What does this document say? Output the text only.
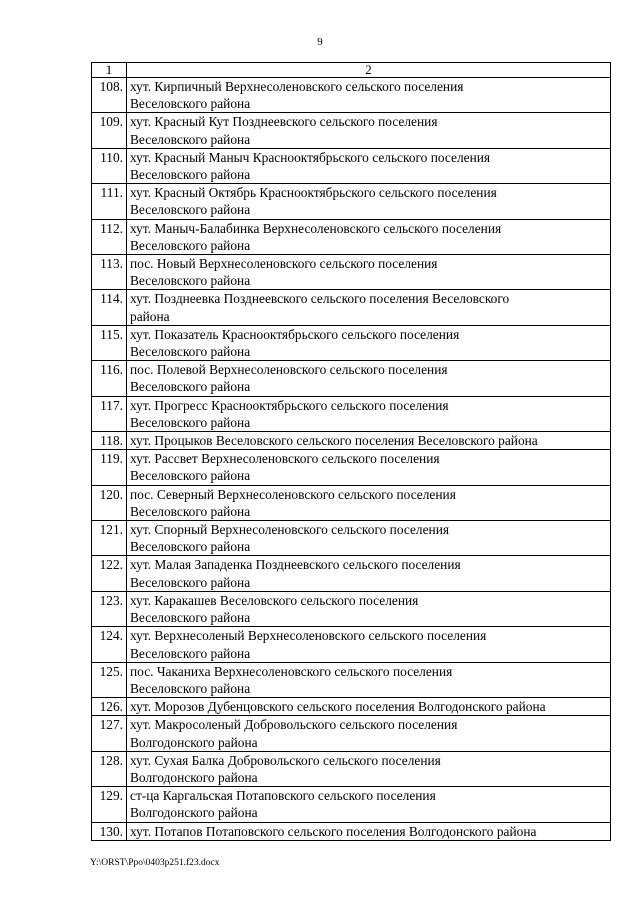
9
1	2
108.	хут. Кирпичный Верхнесоленовского сельского поселения
Веселовского района

109.	хут. Красный Кут Позднеевского сельского поселения
Веселовского района

110.	хут. Красный Маныч Краснооктябрьского сельского поселения
Веселовского района

111.	хут. Красный Октябрь Краснооктябрьского сельского поселения
Веселовского района

112.	хут. Маныч-Балабинка Верхнесоленовского сельского поселения
Веселовского района

113.	пос. Новый Верхнесоленовского сельского поселения
Веселовского района

114.	хут. Позднеевка Позднеевского сельского поселения Веселовского
района

115.	хут. Показатель Краснооктябрьского сельского поселения
Веселовского района

116.	пос. Полевой Верхнесоленовского сельского поселения
Веселовского района

117.	хут. Прогресс Краснооктябрьского сельского поселения
Веселовского района

118.	хут. Процыков Веселовского сельского поселения Веселовского района

119.	хут. Рассвет Верхнесоленовского сельского поселения
Веселовского района

120.	пос. Северный Верхнесоленовского сельского поселения
Веселовского района

121.	хут. Спорный Верхнесоленовского сельского поселения
Веселовского района

122.	хут. Малая Западенка Позднеевского сельского поселения
Веселовского района

123.	хут. Каракашев Веселовского сельского поселения
Веселовского района

124.	хут. Верхнесоленый Верхнесоленовского сельского поселения
Веселовского района

125.	пос. Чаканиха Верхнесоленовского сельского поселения
Веселовского района

126.	хут. Морозов Дубенцовского сельского поселения Волгодонского района

127.	хут. Макросоленый Добровольского сельского поселения
Волгодонского района

128.	хут. Сухая Балка Добровольского сельского поселения
Волгодонского района

129.	ст-ца Каргальская Потаповского сельского поселения
Волгодонского района

130.	хут. Потапов Потаповского сельского поселения Волгодонского района
Y:\ORST\Ppo\0403p251.f23.docx
